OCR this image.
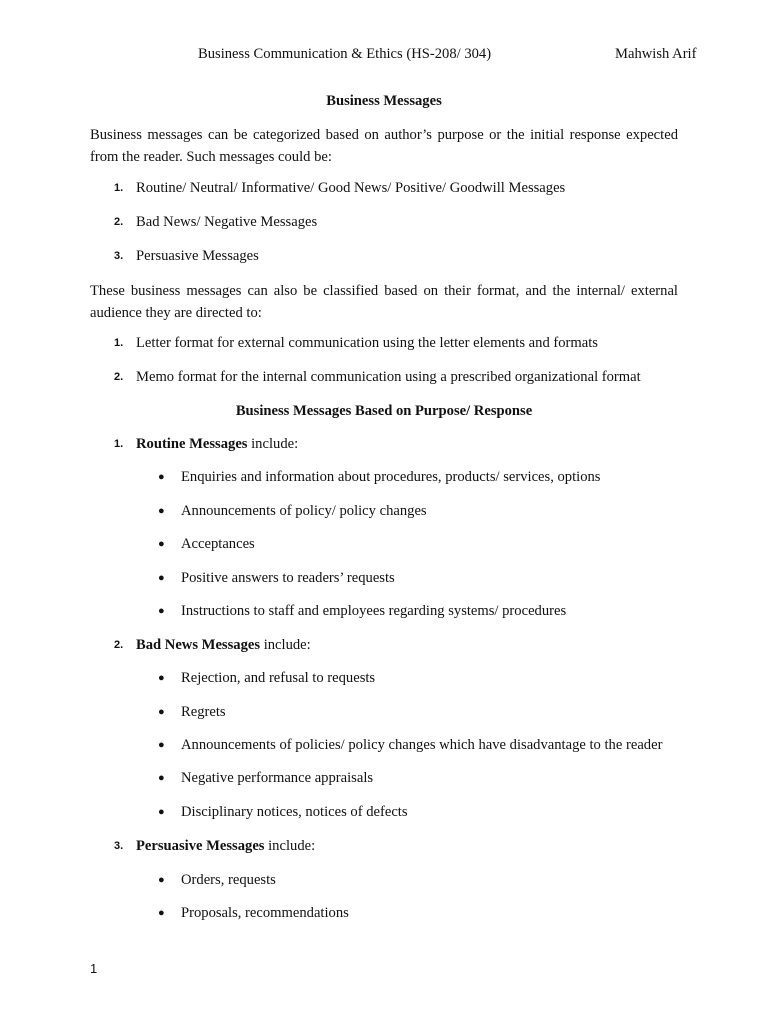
Business Communication & Ethics (HS-208/ 304)	Mahwish Arif
Business Messages
Business messages can be categorized based on author’s purpose or the initial response expected from the reader. Such messages could be:
1. Routine/ Neutral/ Informative/ Good News/ Positive/ Goodwill Messages
2. Bad News/ Negative Messages
3. Persuasive Messages
These business messages can also be classified based on their format, and the internal/ external audience they are directed to:
1. Letter format for external communication using the letter elements and formats
2. Memo format for the internal communication using a prescribed organizational format
Business Messages Based on Purpose/ Response
1. Routine Messages include:
● Enquiries and information about procedures, products/ services, options
● Announcements of policy/ policy changes
● Acceptances
● Positive answers to readers’ requests
● Instructions to staff and employees regarding systems/ procedures
2. Bad News Messages include:
● Rejection, and refusal to requests
● Regrets
● Announcements of policies/ policy changes which have disadvantage to the reader
● Negative performance appraisals
● Disciplinary notices, notices of defects
3. Persuasive Messages include:
● Orders, requests
● Proposals, recommendations
1
